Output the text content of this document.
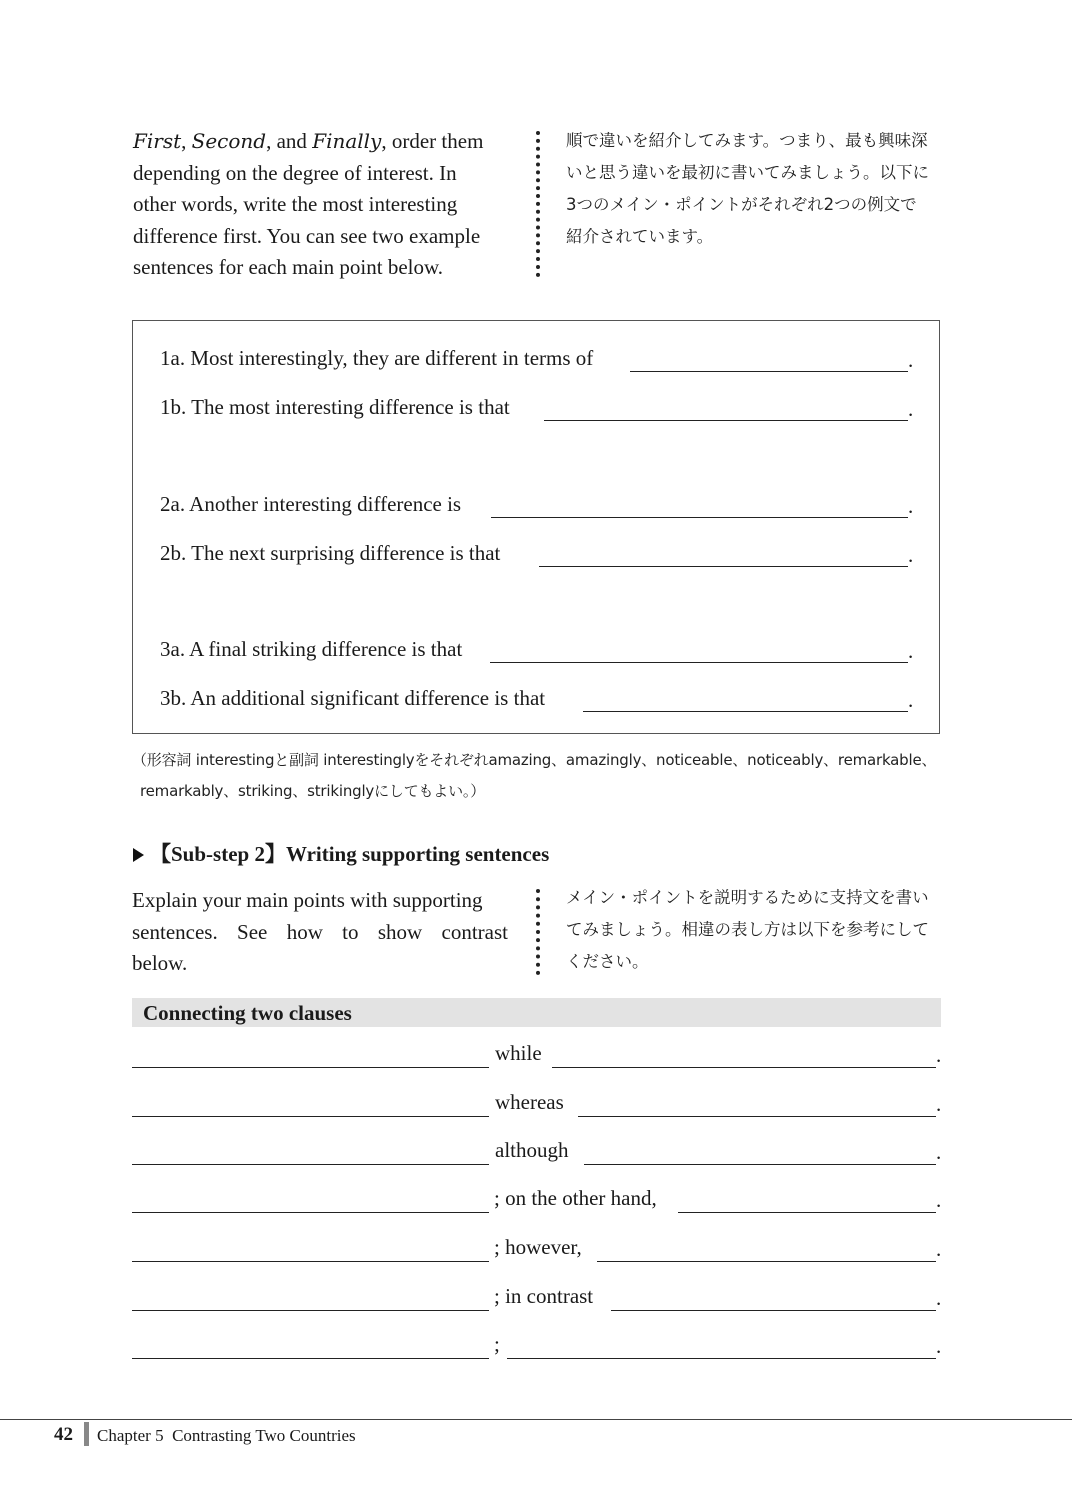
First, Second, and Finally, order them
depending on the degree of interest. In
other words, write the most interesting
difference first. You can see two example
sentences for each main point below.
順で違いを紹介してみます。つまり、最も興味深
いと思う違いを最初に書いてみましょう。以下に
3つのメイン・ポイントがそれぞれ2つの例文で
紹介されています。
1a. Most interestingly, they are different in terms of	.
1b. The most interesting difference is that	.
2a. Another interesting difference is	.
2b. The next surprising difference is that	.
3a. A final striking difference is that	.
3b. An additional significant difference is that	.
（形容詞 interestingと副詞 interestinglyをそれぞれamazing、amazingly、noticeable、noticeably、remarkable、
remarkably、striking、strikinglyにしてもよい。）
【Sub-step 2】Writing supporting sentences
Explain your main points with supporting
sentences. See how to show contrast
below.
メイン・ポイントを説明するために支持文を書い
てみましょう。相違の表し方は以下を参考にして
ください。
Connecting two clauses
while	.
whereas	.
although	.
; on the other hand,	.
; however,	.
; in contrast	.
;	.
42 Chapter 5  Contrasting Two Countries
